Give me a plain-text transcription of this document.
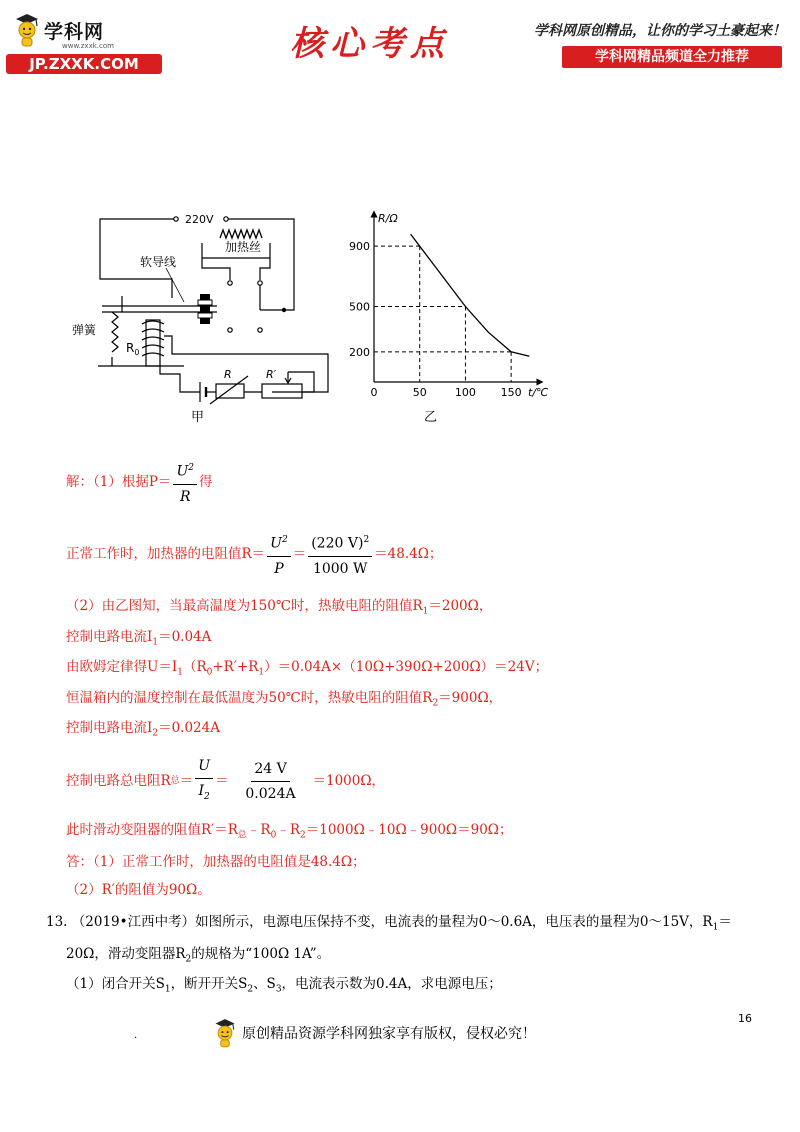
学科网
www.zxxk.com
JP.ZXXK.COM	核心考点	学科网原创精品，让你的学习土豪起来！
学科网精品频道全力推荐
220V
加热丝
软导线
弹簧
$R_0$
R	R′
甲
0	50	100 150
200
500
900
R/Ω
t/℃
乙
解：（1）根据$P= \frac{U^2}{R}$ 得
正常工作时，加热器的电阻值$R= \frac{U^2}{P} = \frac{(220 V)^2}{1000 W} =48.4\Omega$；
（2）由乙图知，当最高温度为150℃时，热敏电阻的阻值$R_1=200\Omega$，
控制电路电流$I_1=0.04A$
由欧姆定律得$U=I_1(R_0+R'+R_1)=0.04A\times(10\Omega+390\Omega+200\Omega)=24V$；
恒温箱内的温度控制在最低温度为50℃时，热敏电阻的阻值$R_2=900\Omega$，
控制电路电流$I_2=0.024A$
控制电路总电阻R 总 ＝ $\frac{U}{I_2} = \frac{24 V}{0.024A} =1000\Omega$，
此时滑动变阻器的阻值$R'=R_总﹣R_0﹣R_2=1000\Omega﹣10\Omega﹣900\Omega=90\Omega$；
答：（1）正常工作时，加热器的电阻值是48.4Ω；
（2）R′的阻值为90Ω。
13. （2019•江西中考）如图所示，电源电压保持不变，电流表的量程为0～0.6A，电压表的量程为0～15V，$R_1=$
20Ω，滑动变阻器$R_2$的规格为“100Ω 1A”。
（1）闭合开关$S_1$，断开开关$S_2$、$S_3$，电流表示数为0.4A，求电源电压；
16
.	原创精品资源学科网独家享有版权，侵权必究！
